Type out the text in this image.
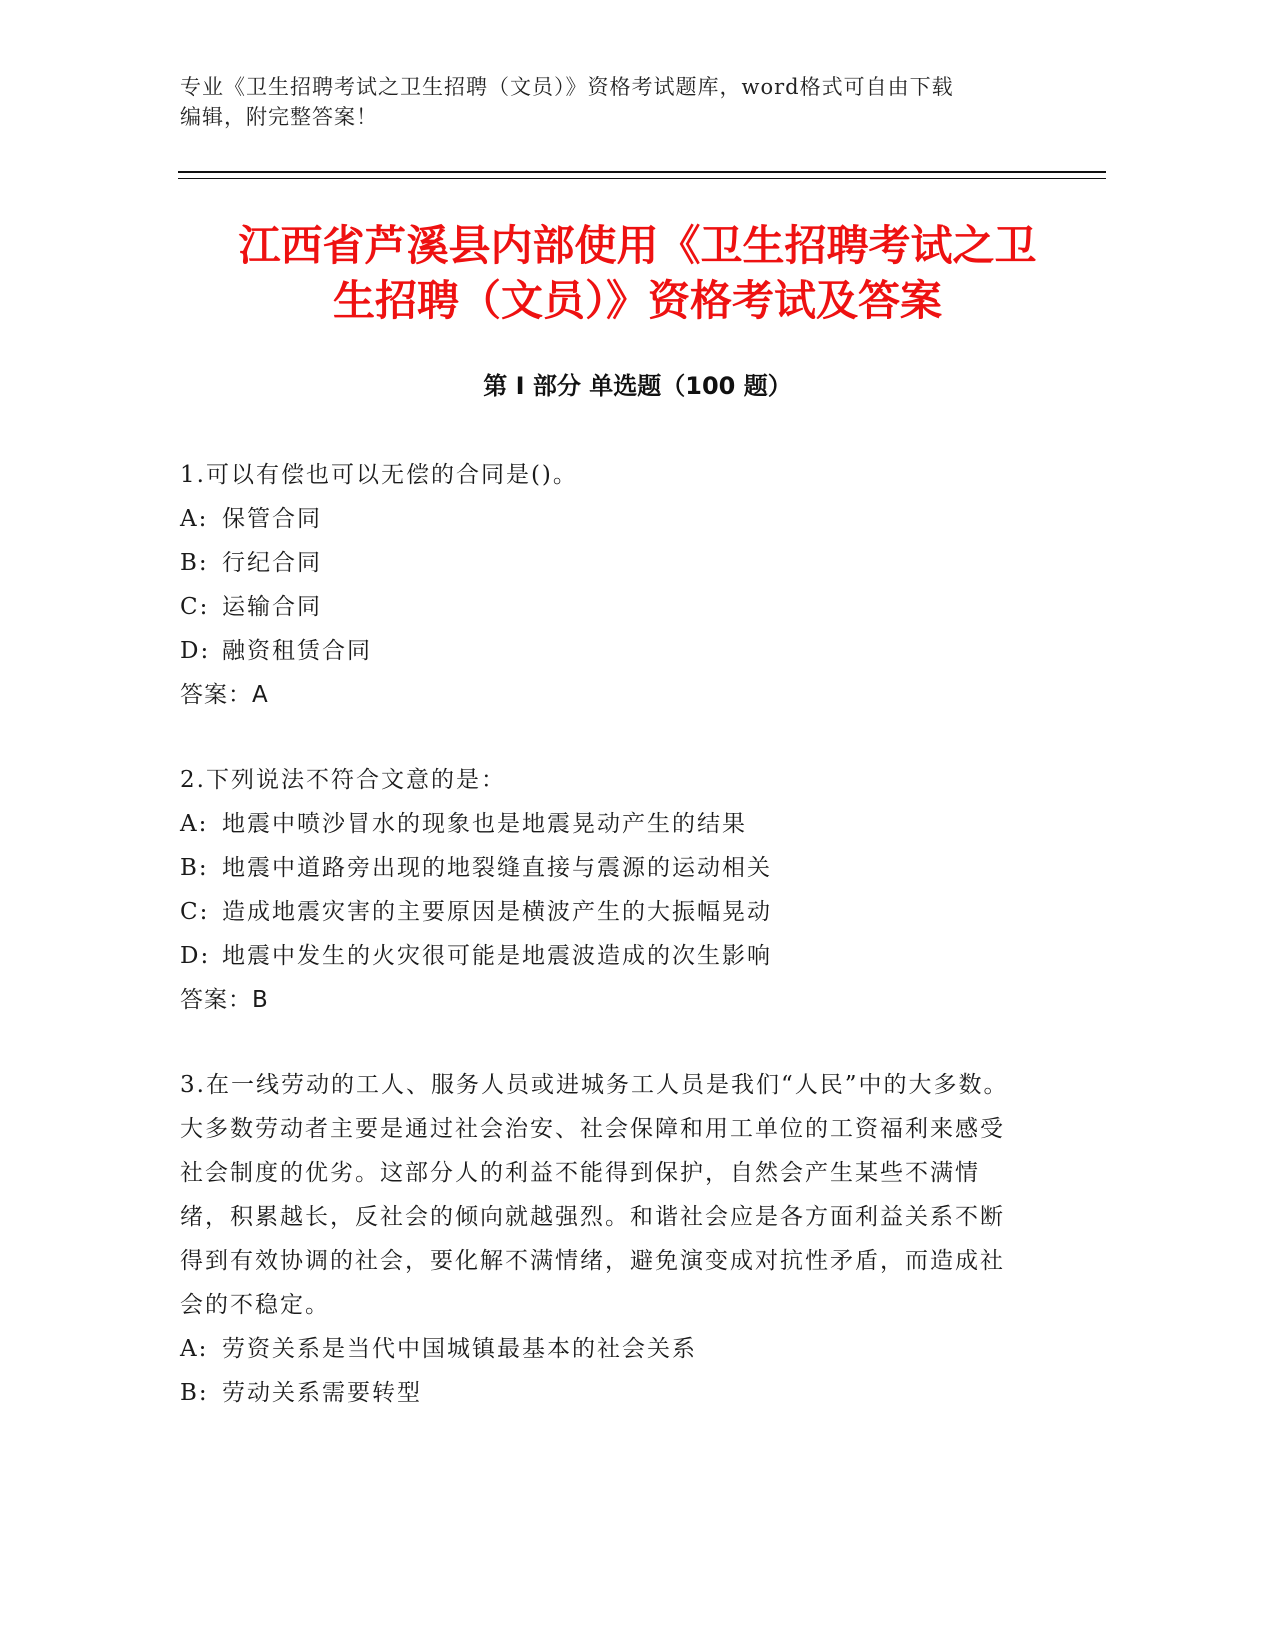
专业《卫生招聘考试之卫生招聘（文员）》资格考试题库，word格式可自由下载
编辑，附完整答案！
江西省芦溪县内部使用《卫生招聘考试之卫
生招聘（文员）》资格考试及答案
第 I 部分 单选题（100 题）

1.可以有偿也可以无偿的合同是()。

A: 保管合同

B: 行纪合同

C: 运输合同

D: 融资租赁合同

答案：A

2.下列说法不符合文意的是：

A: 地震中喷沙冒水的现象也是地震晃动产生的结果

B: 地震中道路旁出现的地裂缝直接与震源的运动相关

C: 造成地震灾害的主要原因是横波产生的大振幅晃动

D: 地震中发生的火灾很可能是地震波造成的次生影响

答案：B

3.在一线劳动的工人、服务人员或进城务工人员是我们“人民”中的大多数。大多数劳动者主要是通过社会治安、社会保障和用工单位的工资福利来感受社会制度的优劣。这部分人的利益不能得到保护，自然会产生某些不满情绪，积累越长，反社会的倾向就越强烈。和谐社会应是各方面利益关系不断得到有效协调的社会，要化解不满情绪，避免演变成对抗性矛盾，而造成社会的不稳定。

A: 劳资关系是当代中国城镇最基本的社会关系

B: 劳动关系需要转型
